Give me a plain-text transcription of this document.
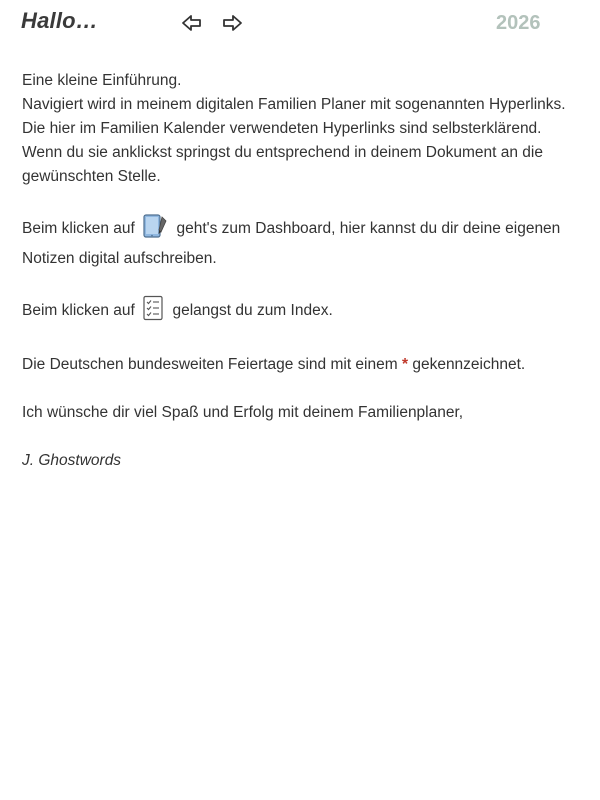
Hallo…	2026

Eine kleine Einführung.

Navigiert wird in meinem digitalen Familien Planer mit sogenannten Hyperlinks.

Die hier im Familien Kalender verwendeten Hyperlinks sind selbsterklärend.

Wenn du sie anklickst springst du entsprechend in deinem Dokument an die gewünschten Stelle.

Beim klicken auf	geht's zum Dashboard, hier kannst du dir deine eigenen Notizen digital aufschreiben.

Beim klicken auf gelangst du zum Index.

Die Deutschen bundesweiten Feiertage sind mit einem * gekennzeichnet.

Ich wünsche dir viel Spaß und Erfolg mit deinem Familienplaner,

J. Ghostwords
